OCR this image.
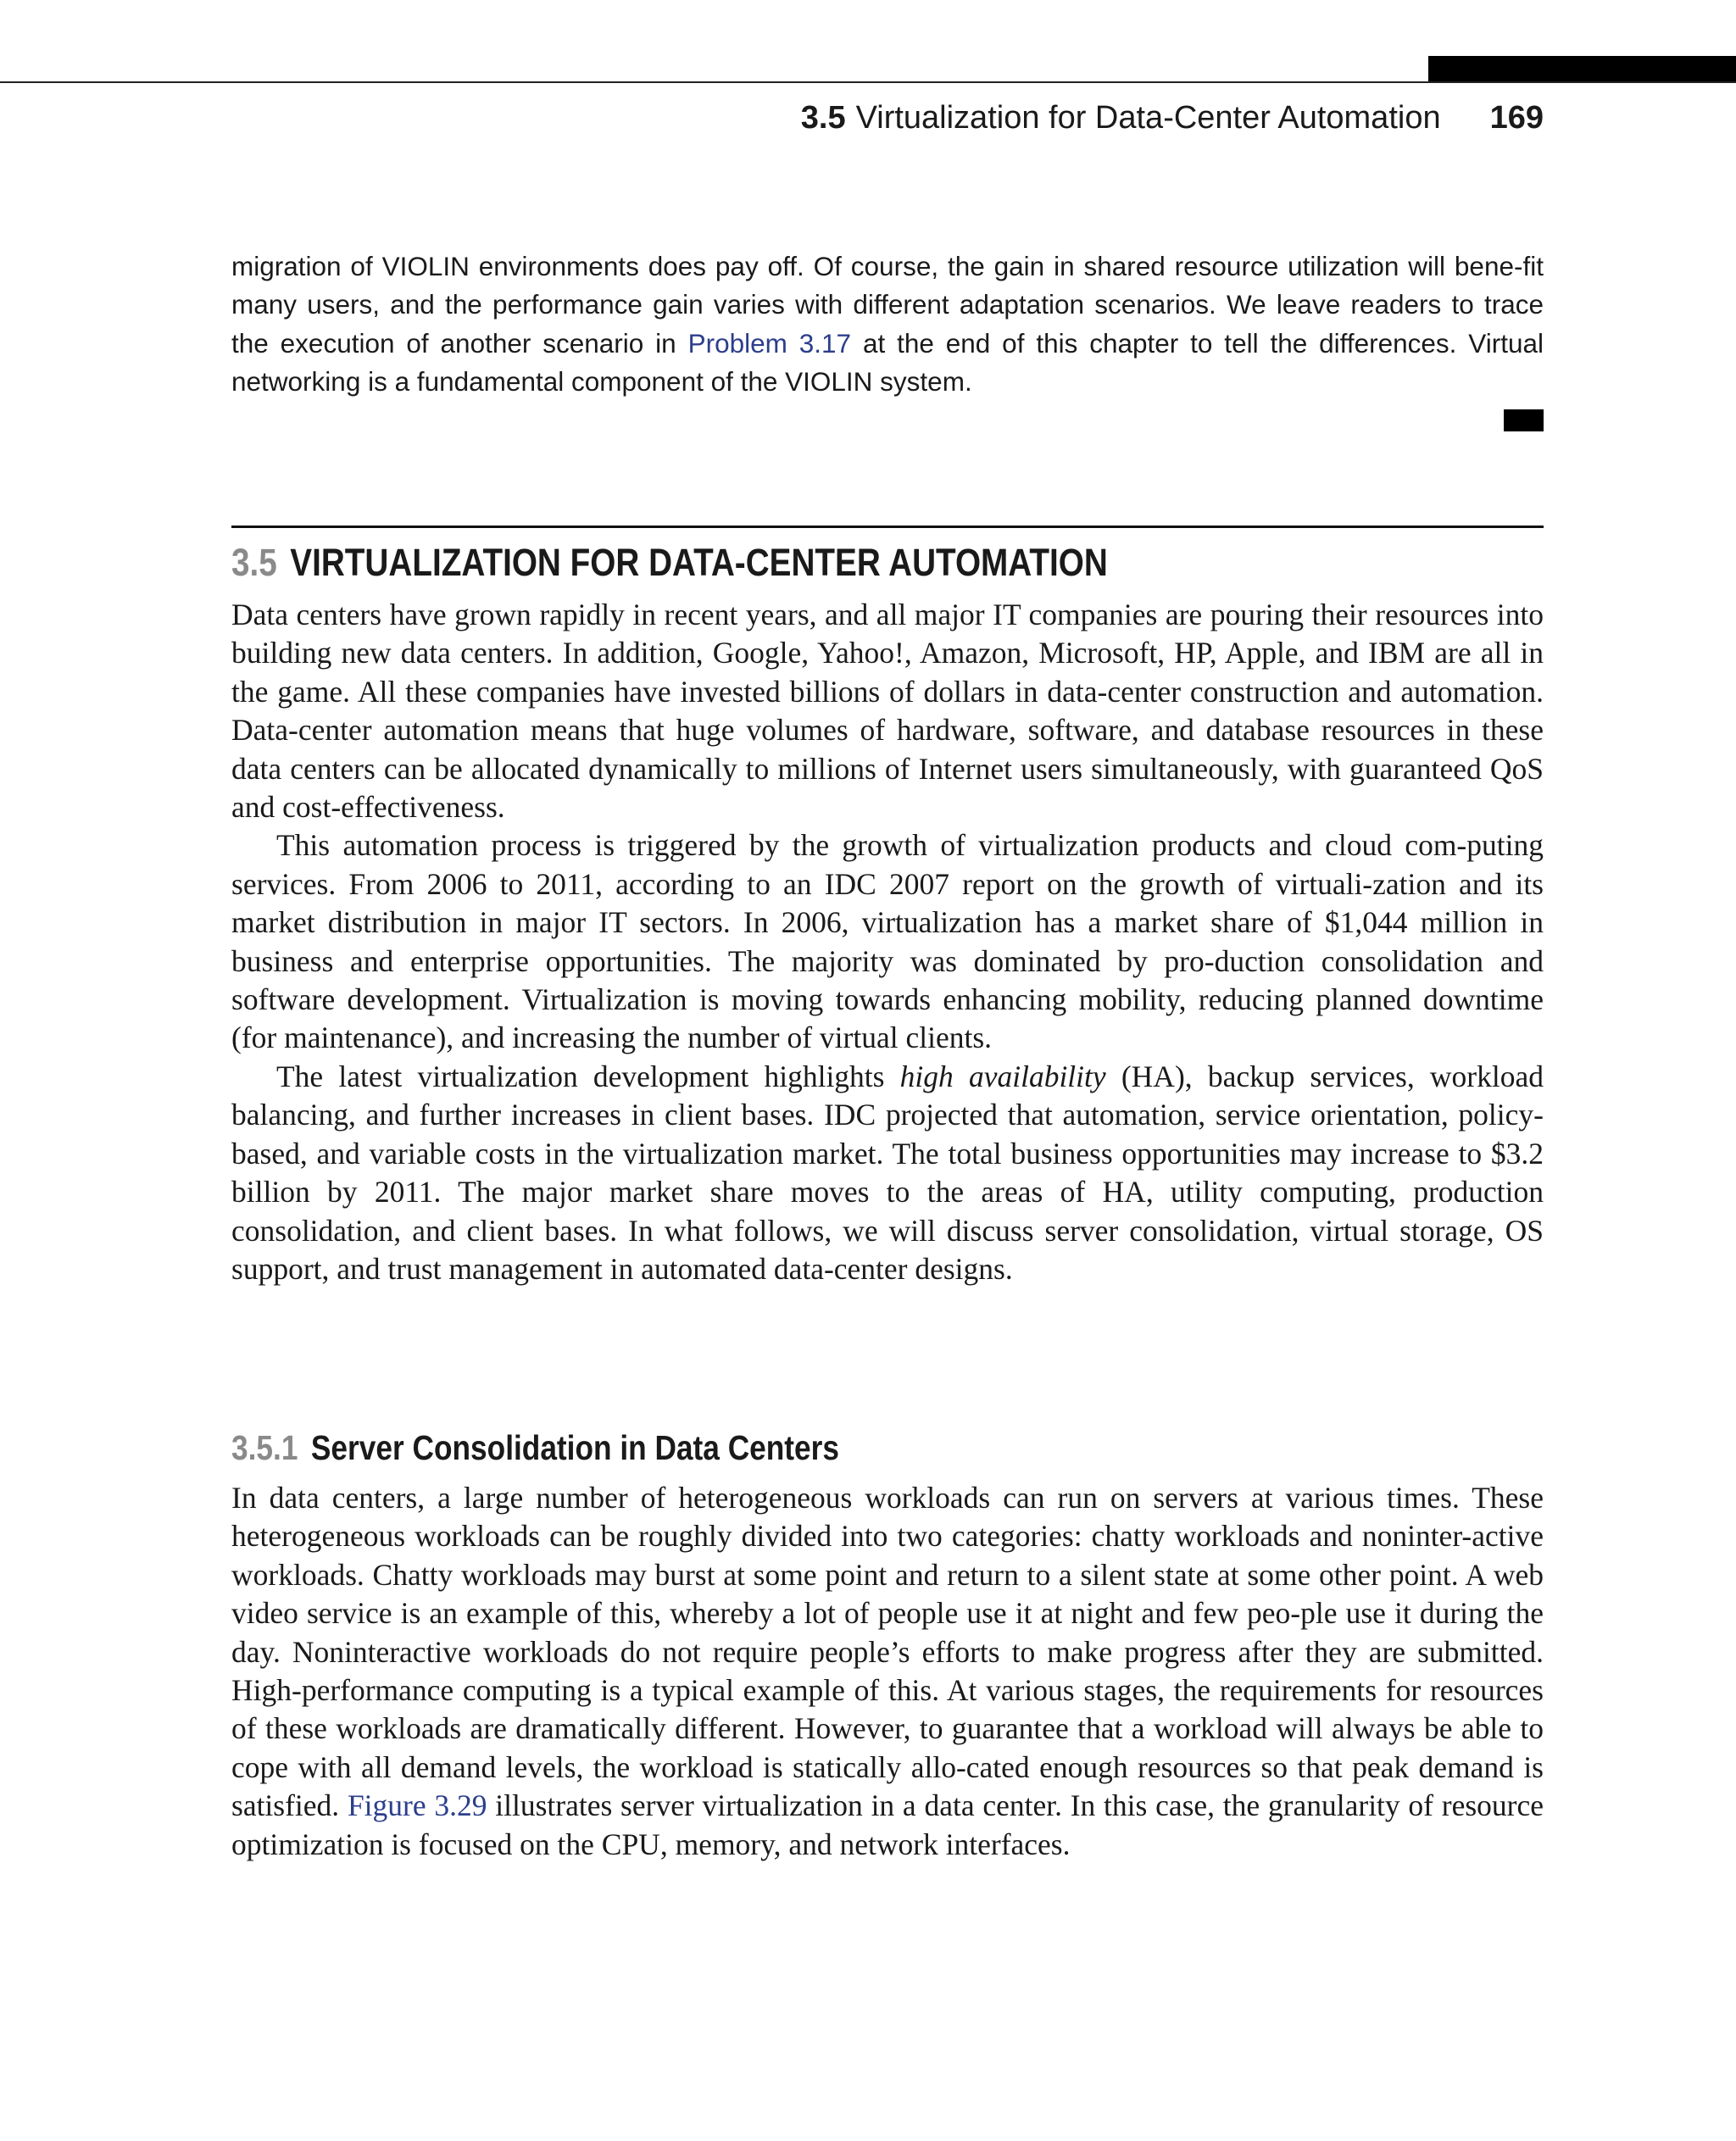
3.5 Virtualization for Data-Center Automation 169

migration of VIOLIN environments does pay off. Of course, the gain in shared resource utilization will bene-fit many users, and the performance gain varies with different adaptation scenarios. We leave readers to trace the execution of another scenario in Problem 3.17 at the end of this chapter to tell the differences. Virtual networking is a fundamental component of the VIOLIN system.

3.5 VIRTUALIZATION FOR DATA-CENTER AUTOMATION

Data centers have grown rapidly in recent years, and all major IT companies are pouring their resources into building new data centers. In addition, Google, Yahoo!, Amazon, Microsoft, HP, Apple, and IBM are all in the game. All these companies have invested billions of dollars in data-center construction and automation. Data-center automation means that huge volumes of hardware, software, and database resources in these data centers can be allocated dynamically to millions of Internet users simultaneously, with guaranteed QoS and cost-effectiveness.

This automation process is triggered by the growth of virtualization products and cloud com-puting services. From 2006 to 2011, according to an IDC 2007 report on the growth of virtuali-zation and its market distribution in major IT sectors. In 2006, virtualization has a market share of $1,044 million in business and enterprise opportunities. The majority was dominated by pro-duction consolidation and software development. Virtualization is moving towards enhancing mobility, reducing planned downtime (for maintenance), and increasing the number of virtual clients.

The latest virtualization development highlights high availability (HA), backup services, workload balancing, and further increases in client bases. IDC projected that automation, service orientation, policy-based, and variable costs in the virtualization market. The total business opportunities may increase to $3.2 billion by 2011. The major market share moves to the areas of HA, utility computing, production consolidation, and client bases. In what follows, we will discuss server consolidation, virtual storage, OS support, and trust management in automated data-center designs.

3.5.1 Server Consolidation in Data Centers

In data centers, a large number of heterogeneous workloads can run on servers at various times. These heterogeneous workloads can be roughly divided into two categories: chatty workloads and noninter-active workloads. Chatty workloads may burst at some point and return to a silent state at some other point. A web video service is an example of this, whereby a lot of people use it at night and few peo-ple use it during the day. Noninteractive workloads do not require people’s efforts to make progress after they are submitted. High-performance computing is a typical example of this. At various stages, the requirements for resources of these workloads are dramatically different. However, to guarantee that a workload will always be able to cope with all demand levels, the workload is statically allo-cated enough resources so that peak demand is satisfied. Figure 3.29 illustrates server virtualization in a data center. In this case, the granularity of resource optimization is focused on the CPU, memory, and network interfaces.
